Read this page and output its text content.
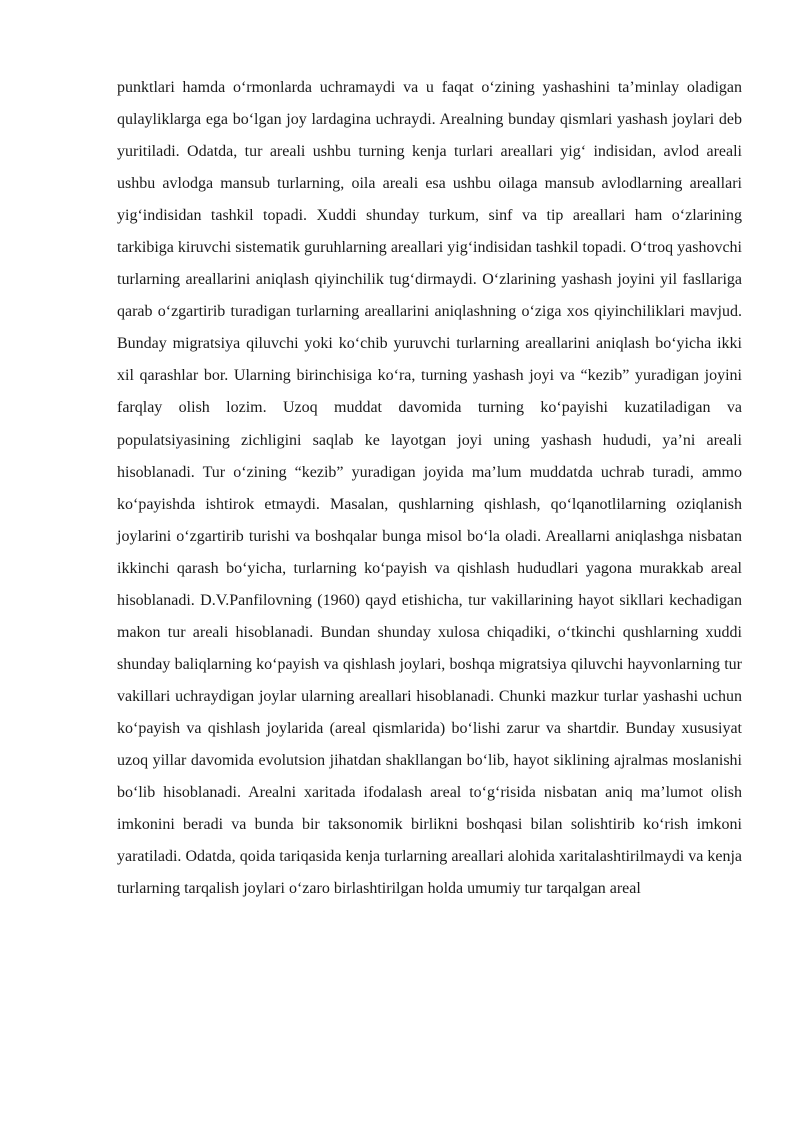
punktlari hamda oʻrmonlarda uchramaydi va u faqat oʻzining yashashini taʼminlay oladigan qulayliklarga ega boʻlgan joy lardagina uchraydi. Arealning bunday qismlari yashash joylari deb yuritiladi. Odatda, tur areali ushbu turning kenja turlari areallari yigʻ indisidan, avlod areali ushbu avlodga mansub turlarning, oila areali esa ushbu oilaga mansub avlodlarning areallari yigʻindisidan tashkil topadi. Xuddi shunday turkum, sinf va tip areallari ham oʻzlarining tarkibiga kiruvchi sistematik guruhlarning areallari yigʻindisidan tashkil topadi. Oʻtroq yashovchi turlarning areallarini aniqlash qiyinchilik tugʻdirmaydi. Oʻzlarining yashash joyini yil fasllariga qarab oʻzgartirib turadigan turlarning areallarini aniqlashning oʻziga xos qiyinchiliklari mavjud. Bunday migratsiya qiluvchi yoki koʻchib yuruvchi turlarning areallarini aniqlash boʻyicha ikki xil qarashlar bor. Ularning birinchisiga koʻra, turning yashash joyi va “kezib” yuradigan joyini farqlay olish lozim. Uzoq muddat davomida turning koʻpayishi kuzatiladigan va populatsiyasining zichligini saqlab ke layotgan joyi uning yashash hududi, yaʼni areali hisoblanadi. Tur oʻzining “kezib” yuradigan joyida maʼlum muddatda uchrab turadi, ammo koʻpayishda ishtirok etmaydi. Masalan, qushlarning qishlash, qoʻlqanotlilarning oziqlanish joylarini oʻzgartirib turishi va boshqalar bunga misol boʻla oladi. Areallarni aniqlashga nisbatan ikkinchi qarash boʻyicha, turlarning koʻpayish va qishlash hududlari yagona murakkab areal hisoblanadi. D.V.Panfilovning (1960) qayd etishicha, tur vakillarining hayot sikllari kechadigan makon tur areali hisoblanadi. Bundan shunday xulosa chiqadiki, oʻtkinchi qushlarning xuddi shunday baliqlarning koʻpayish va qishlash joylari, boshqa migratsiya qiluvchi hayvonlarning tur vakillari uchraydigan joylar ularning areallari hisoblanadi. Chunki mazkur turlar yashashi uchun koʻpayish va qishlash joylarida (areal qismlarida) boʻlishi zarur va shartdir. Bunday xususiyat uzoq yillar davomida evolutsion jihatdan shakllangan boʻlib, hayot siklining ajralmas moslanishi boʻlib hisoblanadi. Arealni xaritada ifodalash areal toʻgʻrisida nisbatan aniq maʼlumot olish imkonini beradi va bunda bir taksonomik birlikni boshqasi bilan solishtirib koʻrish imkoni yaratiladi. Odatda, qoida tariqasida kenja turlarning areallari alohida xaritalashtirilmaydi va kenja turlarning tarqalish joylari oʻzaro birlashtirilgan holda umumiy tur tarqalgan areal
